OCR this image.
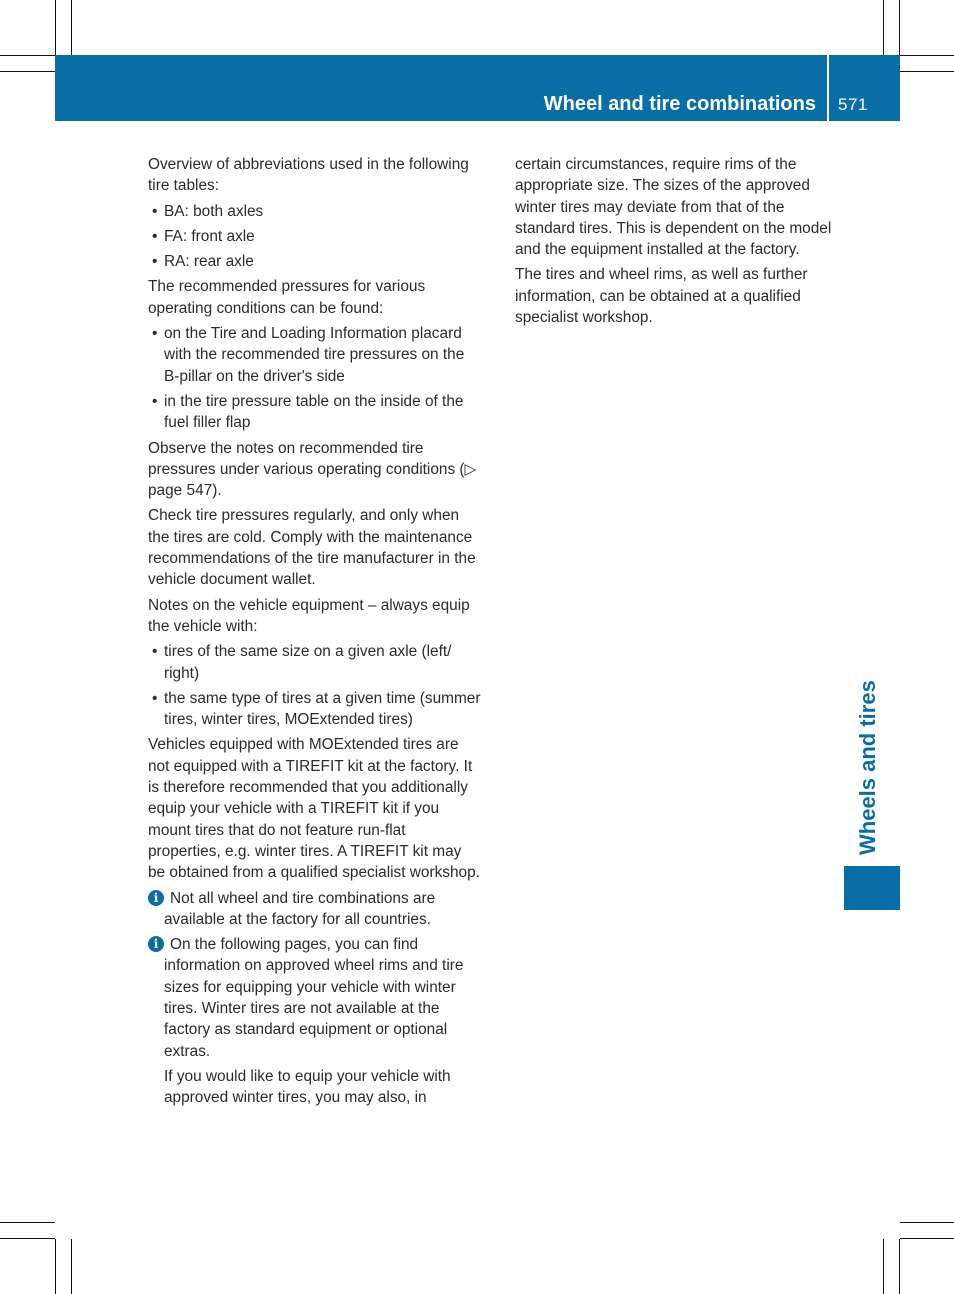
Wheel and tire combinations 571
Wheels and tires

Overview of abbreviations used in the following tire tables:

• BA: both axles
• FA: front axle
• RA: rear axle

The recommended pressures for various operating conditions can be found:

• on the Tire and Loading Information placard with the recommended tire pressures on the B-pillar on the driver's side
• in the tire pressure table on the inside of the fuel filler flap

Observe the notes on recommended tire pressures under various operating conditions (▷ page 547).

Check tire pressures regularly, and only when the tires are cold. Comply with the maintenance recommendations of the tire manufacturer in the vehicle document wallet.

Notes on the vehicle equipment – always equip the vehicle with:

• tires of the same size on a given axle (left/ right)
• the same type of tires at a given time (summer tires, winter tires, MOExtended tires)

Vehicles equipped with MOExtended tires are not equipped with a TIREFIT kit at the factory. It is therefore recommended that you additionally equip your vehicle with a TIREFIT kit if you mount tires that do not feature run-flat properties, e.g. winter tires. A TIREFIT kit may be obtained from a qualified specialist workshop.

i Not all wheel and tire combinations are available at the factory for all countries.

i On the following pages, you can find information on approved wheel rims and tire sizes for equipping your vehicle with winter tires. Winter tires are not available at the factory as standard equipment or optional extras.

If you would like to equip your vehicle with approved winter tires, you may also, in

certain circumstances, require rims of the appropriate size. The sizes of the approved winter tires may deviate from that of the standard tires. This is dependent on the model and the equipment installed at the factory.

The tires and wheel rims, as well as further information, can be obtained at a qualified specialist workshop.
